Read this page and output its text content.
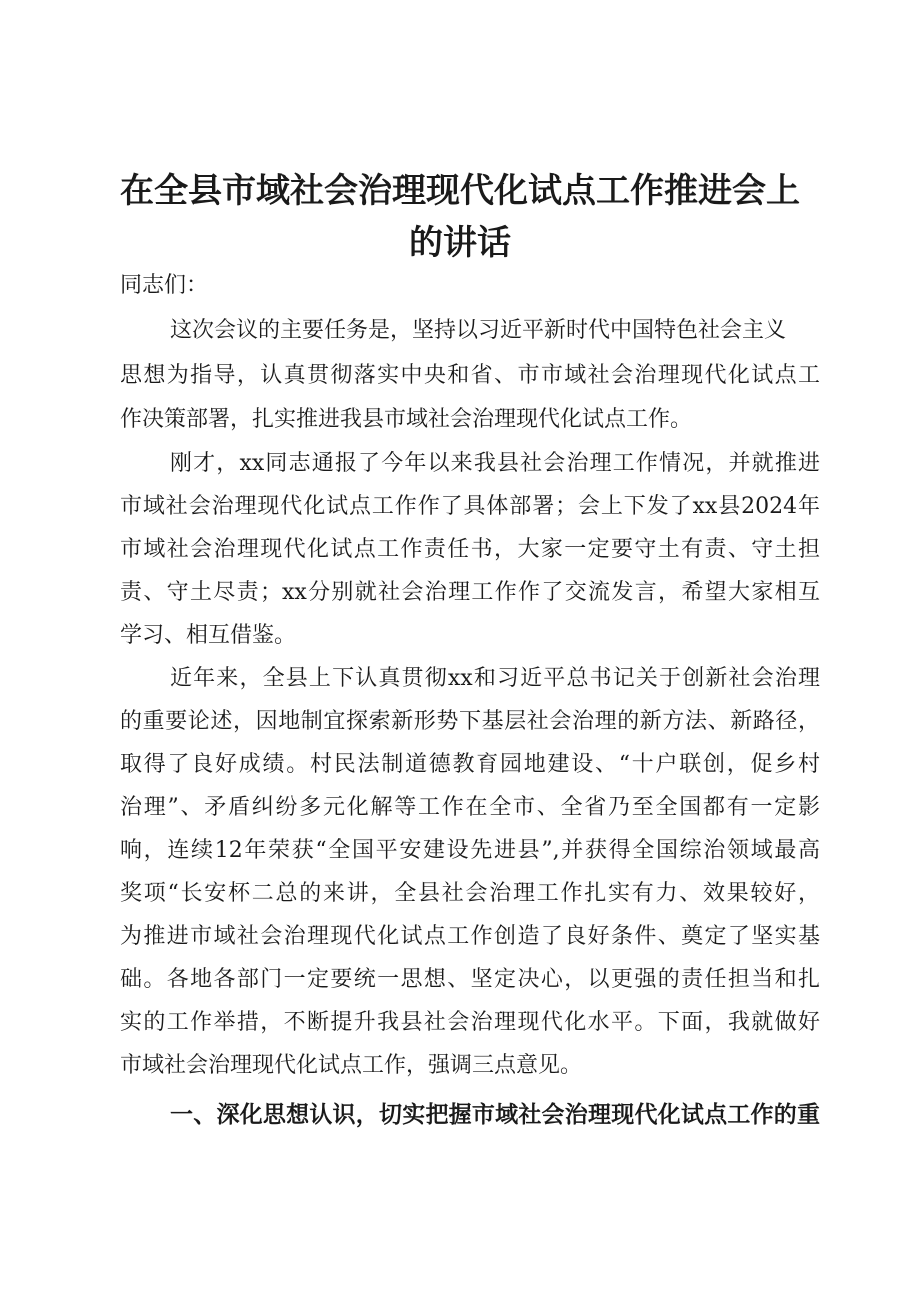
在全县市域社会治理现代化试点工作推进会上
的讲话

同志们：

这次会议的主要任务是，坚持以习近平新时代中国特色社会主义

思想为指导，认真贯彻落实中央和省、市市域社会治理现代化试点工

作决策部署，扎实推进我县市域社会治理现代化试点工作。

刚才，xx同志通报了今年以来我县社会治理工作情况，并就推进

市域社会治理现代化试点工作作了具体部署；会上下发了xx县2024年

市域社会治理现代化试点工作责任书，大家一定要守土有责、守土担

责、守土尽责；xx分别就社会治理工作作了交流发言，希望大家相互

学习、相互借鉴。

近年来，全县上下认真贯彻xx和习近平总书记关于创新社会治理

的重要论述，因地制宜探索新形势下基层社会治理的新方法、新路径，

取得了良好成绩。村民法制道德教育园地建设、“十户联创，促乡村

治理”、矛盾纠纷多元化解等工作在全市、全省乃至全国都有一定影

响，连续12年荣获“全国平安建设先进县”,并获得全国综治领域最高

奖项“长安杯二总的来讲，全县社会治理工作扎实有力、效果较好，

为推进市域社会治理现代化试点工作创造了良好条件、奠定了坚实基

础。各地各部门一定要统一思想、坚定决心，以更强的责任担当和扎

实的工作举措，不断提升我县社会治理现代化水平。下面，我就做好

市域社会治理现代化试点工作，强调三点意见。

一、深化思想认识，切实把握市域社会治理现代化试点工作的重
